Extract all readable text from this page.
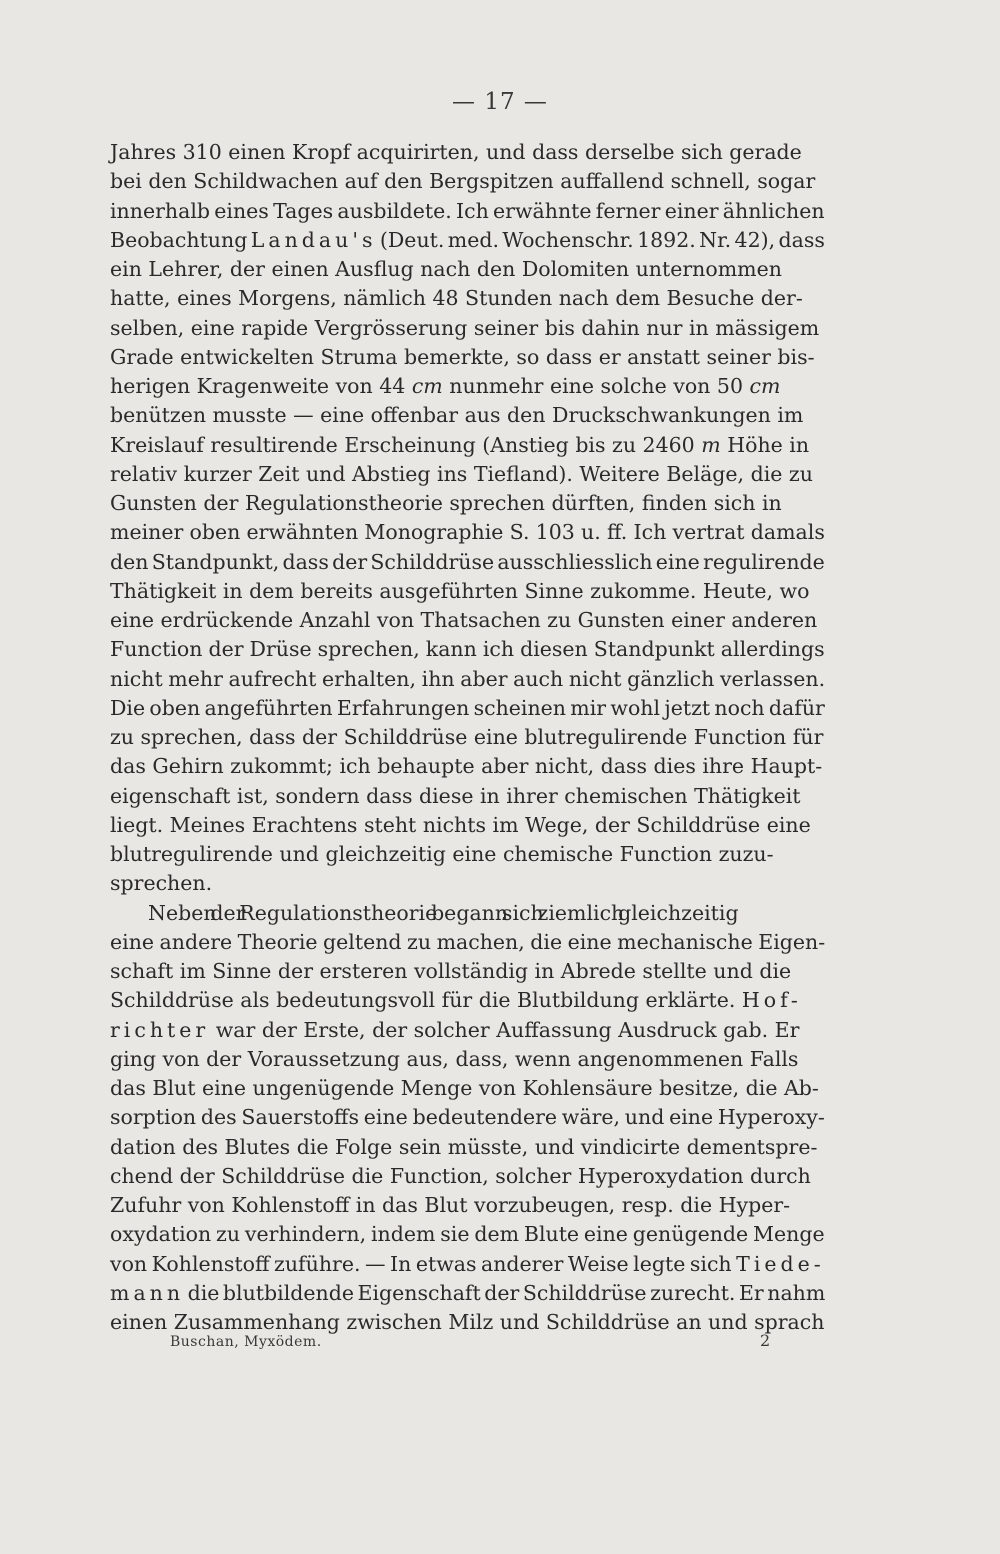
— 17 —
Jahres 310 einen Kropf acquirirten, und dass derselbe sich gerade
bei den Schildwachen auf den Bergspitzen auffallend schnell, sogar
innerhalb eines Tages ausbildete. Ich erwähnte ferner einer ähnlichen
Beobachtung Landau's (Deut. med. Wochenschr. 1892. Nr. 42), dass
ein Lehrer, der einen Ausflug nach den Dolomiten unternommen
hatte, eines Morgens, nämlich 48 Stunden nach dem Besuche der-
selben, eine rapide Vergrösserung seiner bis dahin nur in mässigem
Grade entwickelten Struma bemerkte, so dass er anstatt seiner bis-
herigen Kragenweite von 44 cm nunmehr eine solche von 50 cm
benützen musste — eine offenbar aus den Druckschwankungen im
Kreislauf resultirende Erscheinung (Anstieg bis zu 2460 m Höhe in
relativ kurzer Zeit und Abstieg ins Tiefland). Weitere Beläge, die zu
Gunsten der Regulationstheorie sprechen dürften, finden sich in
meiner oben erwähnten Monographie S. 103 u. ff. Ich vertrat damals
den Standpunkt, dass der Schilddrüse ausschliesslich eine regulirende
Thätigkeit in dem bereits ausgeführten Sinne zukomme. Heute, wo
eine erdrückende Anzahl von Thatsachen zu Gunsten einer anderen
Function der Drüse sprechen, kann ich diesen Standpunkt allerdings
nicht mehr aufrecht erhalten, ihn aber auch nicht gänzlich verlassen.
Die oben angeführten Erfahrungen scheinen mir wohl jetzt noch dafür
zu sprechen, dass der Schilddrüse eine blutregulirende Function für
das Gehirn zukommt; ich behaupte aber nicht, dass dies ihre Haupt-
eigenschaft ist, sondern dass diese in ihrer chemischen Thätigkeit
liegt. Meines Erachtens steht nichts im Wege, der Schilddrüse eine
blutregulirende und gleichzeitig eine chemische Function zuzu-
sprechen.
Neben der Regulationstheorie begann sich ziemlich gleichzeitig
eine andere Theorie geltend zu machen, die eine mechanische Eigen-
schaft im Sinne der ersteren vollständig in Abrede stellte und die
Schilddrüse als bedeutungsvoll für die Blutbildung erklärte. Hof-
richter war der Erste, der solcher Auffassung Ausdruck gab. Er
ging von der Voraussetzung aus, dass, wenn angenommenen Falls
das Blut eine ungenügende Menge von Kohlensäure besitze, die Ab-
sorption des Sauerstoffs eine bedeutendere wäre, und eine Hyperoxy-
dation des Blutes die Folge sein müsste, und vindicirte dementspre-
chend der Schilddrüse die Function, solcher Hyperoxydation durch
Zufuhr von Kohlenstoff in das Blut vorzubeugen, resp. die Hyper-
oxydation zu verhindern, indem sie dem Blute eine genügende Menge
von Kohlenstoff zuführe. — In etwas anderer Weise legte sich Tiede-
mann die blutbildende Eigenschaft der Schilddrüse zurecht. Er nahm
einen Zusammenhang zwischen Milz und Schilddrüse an und sprach
Buschan, Myxödem.	2
